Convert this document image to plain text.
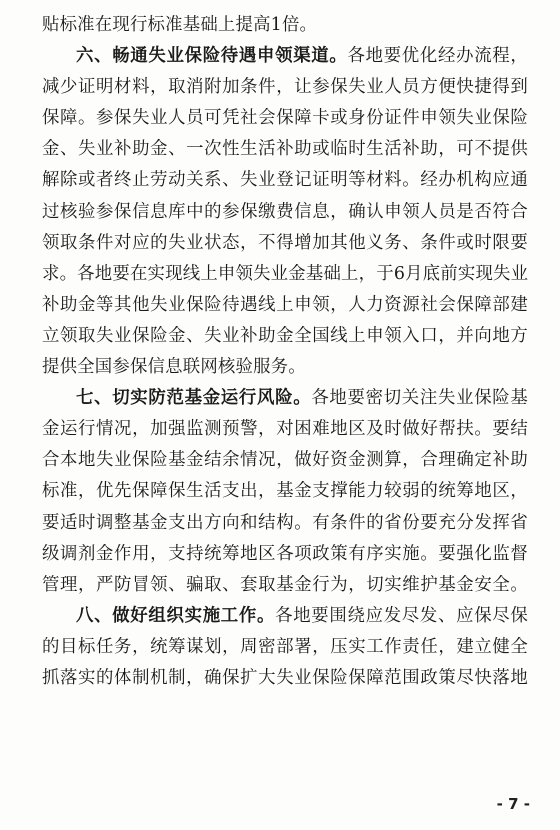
贴标准在现行标准基础上提高1倍。
六、畅通失业保险待遇申领渠道。各地要优化经办流程，
减少证明材料，取消附加条件，让参保失业人员方便快捷得到
保障。参保失业人员可凭社会保障卡或身份证件申领失业保险
金、失业补助金、一次性生活补助或临时生活补助，可不提供
解除或者终止劳动关系、失业登记证明等材料。经办机构应通
过核验参保信息库中的参保缴费信息，确认申领人员是否符合
领取条件对应的失业状态，不得增加其他义务、条件或时限要
求。各地要在实现线上申领失业金基础上，于6月底前实现失业
补助金等其他失业保险待遇线上申领，人力资源社会保障部建
立领取失业保险金、失业补助金全国线上申领入口，并向地方
提供全国参保信息联网核验服务。
七、切实防范基金运行风险。各地要密切关注失业保险基
金运行情况，加强监测预警，对困难地区及时做好帮扶。要结
合本地失业保险基金结余情况，做好资金测算，合理确定补助
标准，优先保障保生活支出，基金支撑能力较弱的统筹地区，
要适时调整基金支出方向和结构。有条件的省份要充分发挥省
级调剂金作用，支持统筹地区各项政策有序实施。要强化监督
管理，严防冒领、骗取、套取基金行为，切实维护基金安全。
八、做好组织实施工作。各地要围绕应发尽发、应保尽保
的目标任务，统筹谋划，周密部署，压实工作责任，建立健全
抓落实的体制机制，确保扩大失业保险保障范围政策尽快落地
- 7 -
